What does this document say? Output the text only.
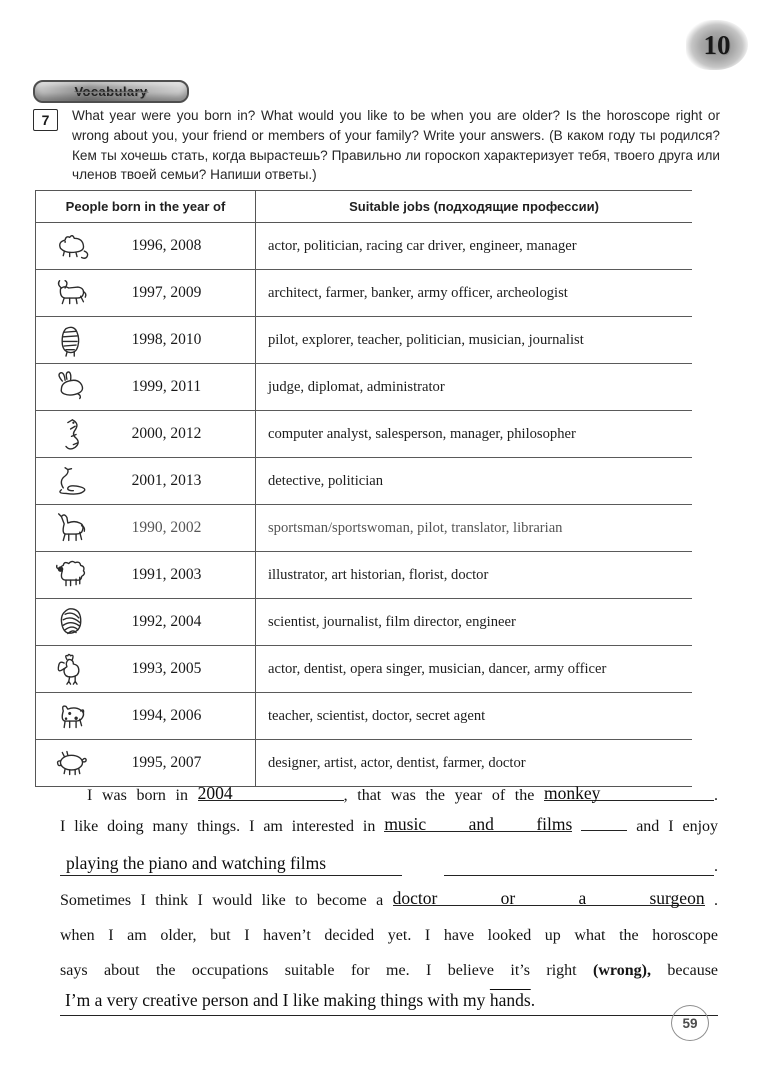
10
Vocabulary
7 What year were you born in? What would you like to be when you are older? Is the horoscope right or wrong about you, your friend or members of your family? Write your answers. (В каком году ты родился? Кем ты хочешь стать, когда вырастешь? Правильно ли гороскоп характеризует тебя, твоего друга или членов твоей семьи? Напиши ответы.)
People born in the year of	Suitable jobs (подходящие профессии)
1996, 2008	actor, politician, racing car driver, engineer, manager
1997, 2009	architect, farmer, banker, army officer, archeologist
1998, 2010	pilot, explorer, teacher, politician, musician, journalist
1999, 2011	judge, diplomat, administrator
2000, 2012	computer analyst, salesperson, manager, philosopher
2001, 2013	detective, politician
1990, 2002	sportsman/sportswoman, pilot, translator, librarian
1991, 2003	illustrator, art historian, florist, doctor
1992, 2004	scientist, journalist, film director, engineer
1993, 2005	actor, dentist, opera singer, musician, dancer, army officer
1994, 2006	teacher, scientist, doctor, secret agent
1995, 2007	designer, artist, actor, dentist, farmer, doctor
I was born in 2004	, that was the year of the monkey	.
I like doing many things. I am interested in music and films	and I enjoy
playing the piano and watching films	.
Sometimes I think I would like to become a doctor or a surgeon .
when I am older, but I haven’t decided yet. I have looked up what the horoscope
says about the occupations suitable for me. I believe it’s right (wrong), because
I’m a very creative person and I like making things with my hands.
59
